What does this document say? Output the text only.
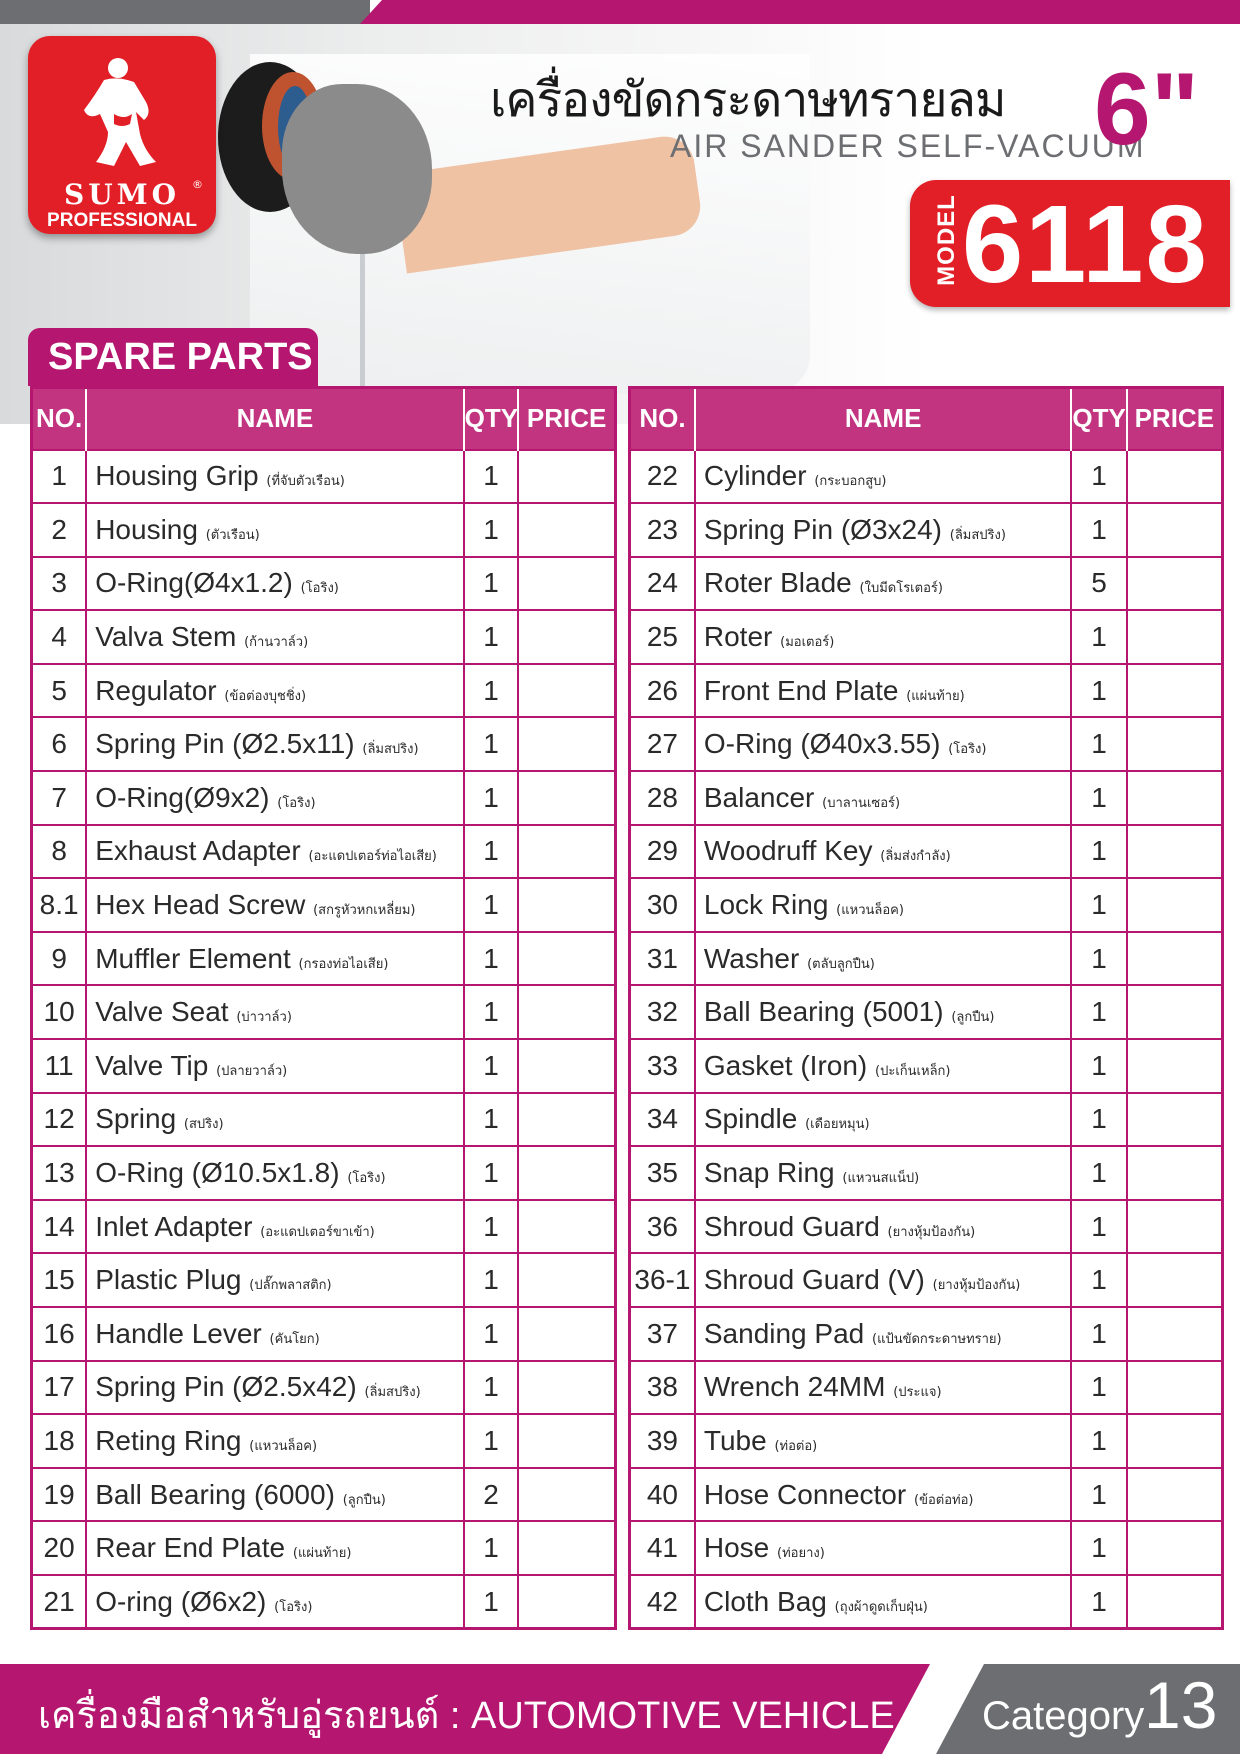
SUMO	®
PROFESSIONAL
เครื่องขัดกระดาษทรายลม
AIR SANDER SELF-VACUUM
6"
MODEL 6118
SPARE PARTS
NO.	NAME	QTY	PRICE
1	Housing Grip (ที่จับตัวเรือน)	1	
2	Housing (ตัวเรือน)	1	
3	O-Ring(Ø4x1.2) (โอริง)	1	
4	Valva Stem (ก้านวาล์ว)	1	
5	Regulator (ข้อต่องบุชชิ่ง)	1	
6	Spring Pin (Ø2.5x11) (ลิ่มสปริง)	1	
7	O-Ring(Ø9x2) (โอริง)	1	
8	Exhaust Adapter (อะแดปเตอร์ท่อไอเสีย)	1	
8.1	Hex Head Screw (สกรูหัวหกเหลี่ยม)	1	
9	Muffler Element (กรองท่อไอเสีย)	1	
10	Valve Seat (บ่าวาล์ว)	1	
11	Valve Tip (ปลายวาล์ว)	1	
12	Spring (สปริง)	1	
13	O-Ring (Ø10.5x1.8) (โอริง)	1	
14	Inlet Adapter (อะแดปเตอร์ขาเข้า)	1	
15	Plastic Plug (ปลั๊กพลาสติก)	1	
16	Handle Lever (คันโยก)	1	
17	Spring Pin (Ø2.5x42) (ลิ่มสปริง)	1	
18	Reting Ring (แหวนล็อค)	1	
19	Ball Bearing (6000) (ลูกปืน)	2	
20	Rear End Plate (แผ่นท้าย)	1	
21	O-ring (Ø6x2) (โอริง)	1	
NO.	NAME	QTY	PRICE
22	Cylinder (กระบอกสูบ)	1	
23	Spring Pin (Ø3x24) (ลิ่มสปริง)	1	
24	Roter Blade (ใบมีดโรเตอร์)	5	
25	Roter (มอเตอร์)	1	
26	Front End Plate (แผ่นท้าย)	1	
27	O-Ring (Ø40x3.55) (โอริง)	1	
28	Balancer (บาลานเซอร์)	1	
29	Woodruff Key (ลิ่มส่งกำลัง)	1	
30	Lock Ring (แหวนล็อค)	1	
31	Washer (ตลับลูกปืน)	1	
32	Ball Bearing (5001) (ลูกปืน)	1	
33	Gasket (Iron) (ปะเก็นเหล็ก)	1	
34	Spindle (เดือยหมุน)	1	
35	Snap Ring (แหวนสแน็ป)	1	
36	Shroud Guard (ยางหุ้มป้องกัน)	1	
36-1	Shroud Guard (V) (ยางหุ้มป้องกัน)	1	
37	Sanding Pad (แป้นขัดกระดาษทราย)	1	
38	Wrench 24MM (ประแจ)	1	
39	Tube (ท่อต่อ)	1	
40	Hose Connector (ข้อต่อท่อ)	1	
41	Hose (ท่อยาง)	1	
42	Cloth Bag (ถุงผ้าดูดเก็บฝุ่น)	1	
เครื่องมือสำหรับอู่รถยนต์ : AUTOMOTIVE VEHICLE Category 13
